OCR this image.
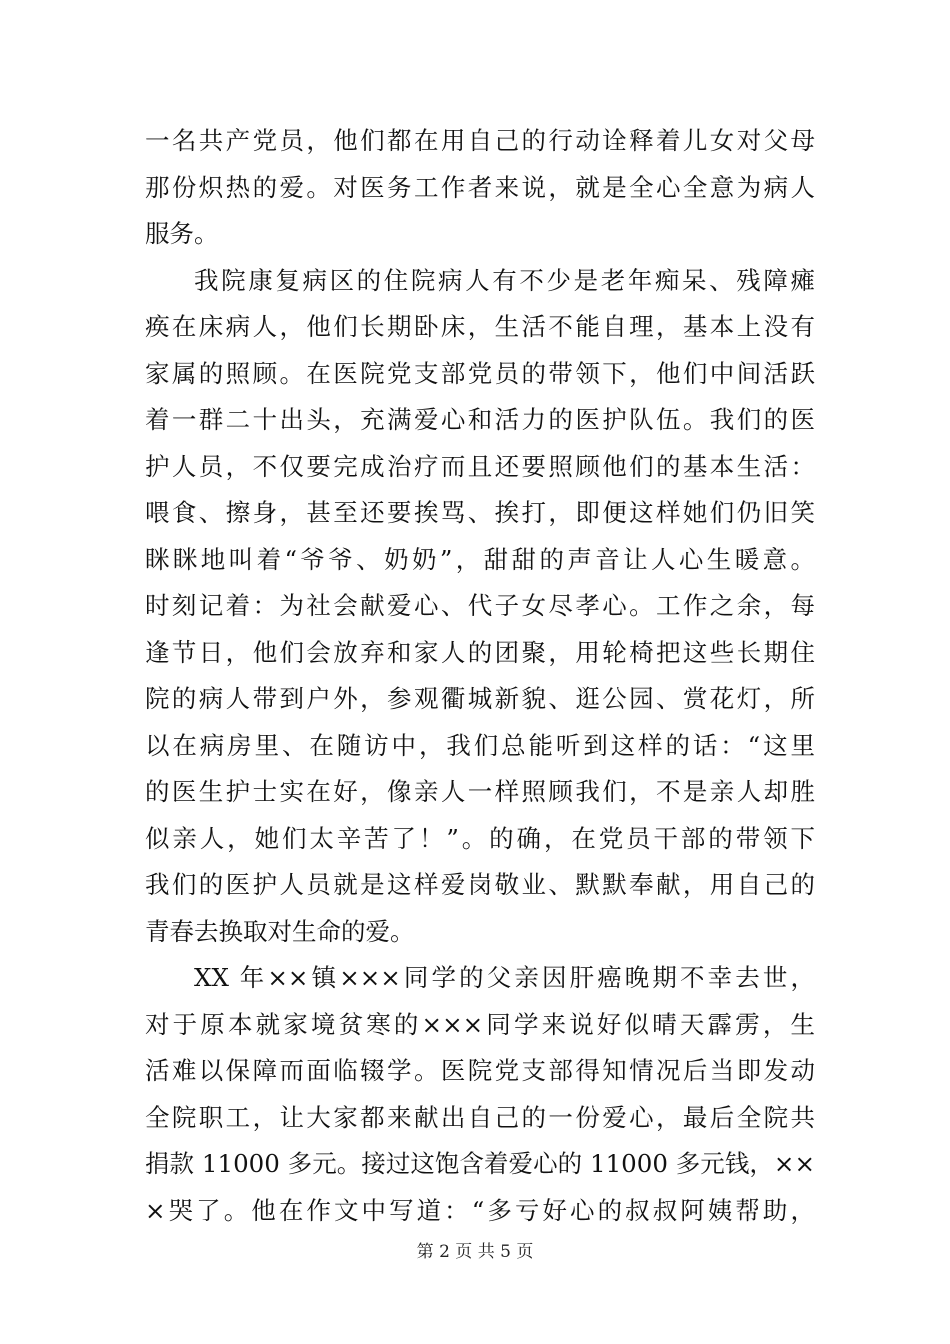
一名共产党员，他们都在用自己的行动诠释着儿女对父母
那份炽热的爱。对医务工作者来说，就是全心全意为病人
服务。
我院康复病区的住院病人有不少是老年痴呆、残障瘫
痪在床病人，他们长期卧床，生活不能自理，基本上没有
家属的照顾。在医院党支部党员的带领下，他们中间活跃
着一群二十出头，充满爱心和活力的医护队伍。我们的医
护人员，不仅要完成治疗而且还要照顾他们的基本生活：
喂食、擦身，甚至还要挨骂、挨打，即便这样她们仍旧笑
眯眯地叫着“爷爷、奶奶”，甜甜的声音让人心生暖意。
时刻记着：为社会献爱心、代子女尽孝心。工作之余，每
逢节日，他们会放弃和家人的团聚，用轮椅把这些长期住
院的病人带到户外，参观衢城新貌、逛公园、赏花灯，所
以在病房里、在随访中，我们总能听到这样的话：“这里
的医生护士实在好，像亲人一样照顾我们，不是亲人却胜
似亲人，她们太辛苦了！”。的确，在党员干部的带领下
我们的医护人员就是这样爱岗敬业、默默奉献，用自己的
青春去换取对生命的爱。
XX 年××镇×××同学的父亲因肝癌晚期不幸去世，
对于原本就家境贫寒的×××同学来说好似晴天霹雳，生
活难以保障而面临辍学。医院党支部得知情况后当即发动
全院职工，让大家都来献出自己的一份爱心，最后全院共
捐款 11000 多元。接过这饱含着爱心的 11000 多元钱，××
×哭了。他在作文中写道：“多亏好心的叔叔阿姨帮助，
第 2 页 共 5 页
